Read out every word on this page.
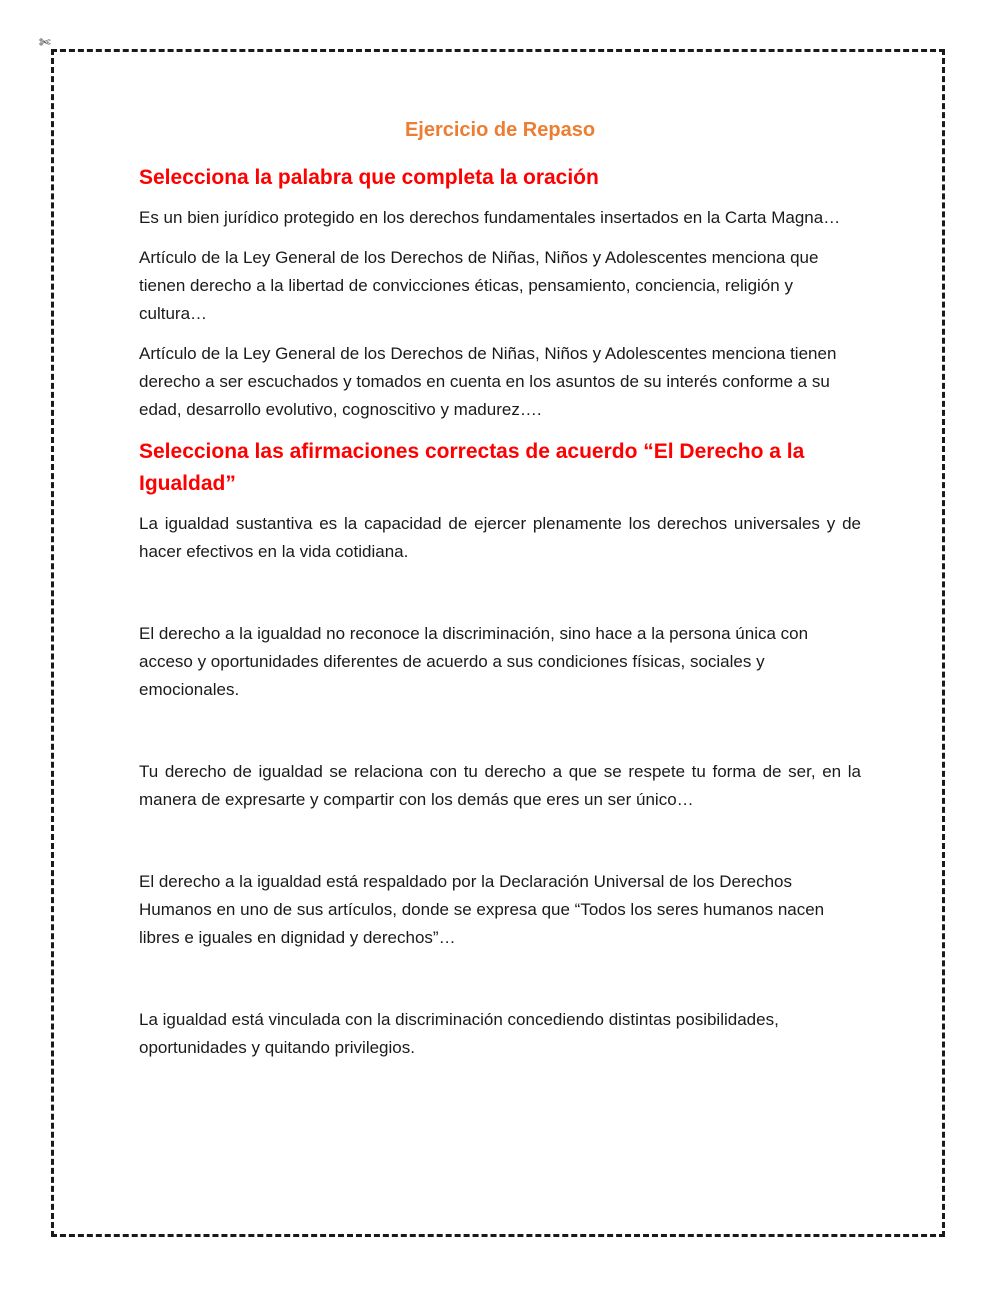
✄
Ejercicio de Repaso
Selecciona la palabra que completa la oración

Es un bien jurídico protegido en los derechos fundamentales insertados en la Carta Magna…

Artículo de la Ley General de los Derechos de Niñas, Niños y Adolescentes menciona que tienen derecho a la libertad de convicciones éticas, pensamiento, conciencia, religión y cultura…

Artículo de la Ley General de los Derechos de Niñas, Niños y Adolescentes menciona tienen derecho a ser escuchados y tomados en cuenta en los asuntos de su interés conforme a su edad, desarrollo evolutivo, cognoscitivo y madurez….

Selecciona las afirmaciones correctas de acuerdo “El Derecho a la Igualdad”

La igualdad sustantiva es la capacidad de ejercer plenamente los derechos universales y de hacer efectivos en la vida cotidiana.

El derecho a la igualdad no reconoce la discriminación, sino hace a la persona única con acceso y oportunidades diferentes de acuerdo a sus condiciones físicas, sociales y emocionales.

Tu derecho de igualdad se relaciona con tu derecho a que se respete tu forma de ser, en la manera de expresarte y compartir con los demás que eres un ser único…

El derecho a la igualdad está respaldado por la Declaración Universal de los Derechos Humanos en uno de sus artículos, donde se expresa que “Todos los seres humanos nacen libres e iguales en dignidad y derechos”…

La igualdad está vinculada con la discriminación concediendo distintas posibilidades, oportunidades y quitando privilegios.
